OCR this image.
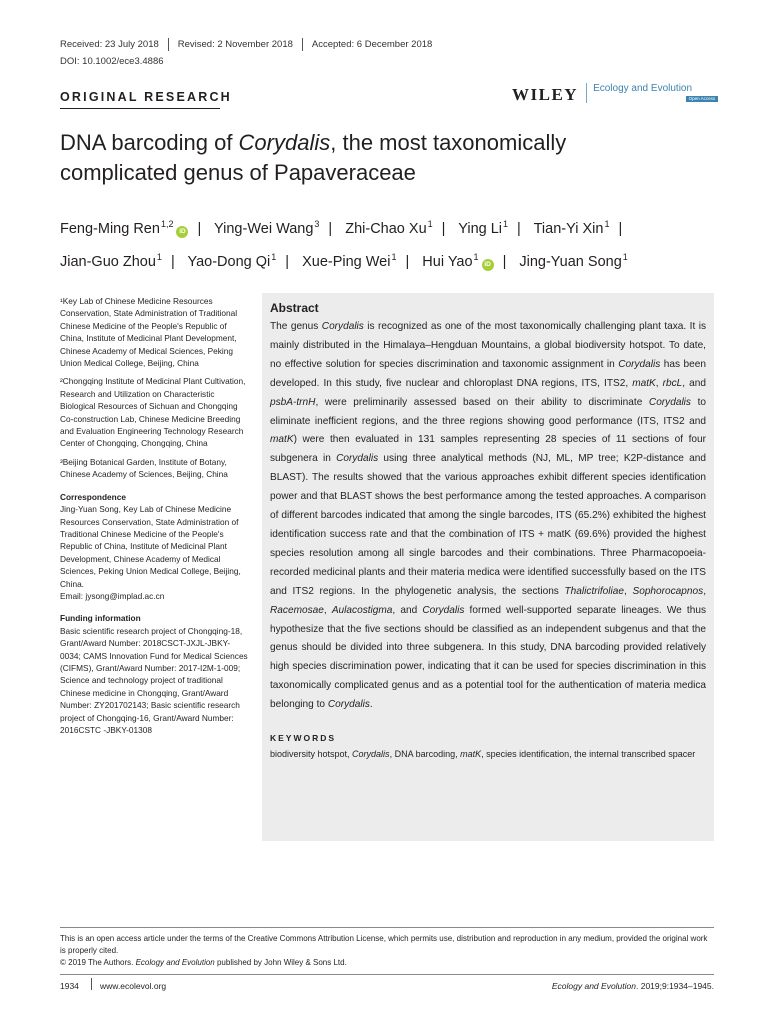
Received: 23 July 2018	Revised: 2 November 2018	Accepted: 6 December 2018
DOI: 10.1002/ece3.4886
ORIGINAL RESEARCH	WILEY Ecology and Evolution
Open Access
DNA barcoding of Corydalis, the most taxonomically complicated genus of Papaveraceae
Feng-Ming Ren$^{1,2}$iD | Ying-Wei Wang$^3$ | Zhi-Chao Xu$^1$ | Ying Li$^1$ | Tian-Yi Xin$^1$ |
Jian-Guo Zhou$^1$ | Yao-Dong Qi$^1$ | Xue-Ping Wei$^1$ | Hui Yao$^1$iD | Jing-Yuan Song$^1$

¹Key Lab of Chinese Medicine Resources Conservation, State Administration of Traditional Chinese Medicine of the People's Republic of China, Institute of Medicinal Plant Development, Chinese Academy of Medical Sciences, Peking Union Medical College, Beijing, China

²Chongqing Institute of Medicinal Plant Cultivation, Research and Utilization on Characteristic Biological Resources of Sichuan and Chongqing Co-construction Lab, Chinese Medicine Breeding and Evaluation Engineering Technology Research Center of Chongqing, Chongqing, China

³Beijing Botanical Garden, Institute of Botany, Chinese Academy of Sciences, Beijing, China

Correspondence
Jing-Yuan Song, Key Lab of Chinese Medicine Resources Conservation, State Administration of Traditional Chinese Medicine of the People's Republic of China, Institute of Medicinal Plant Development, Chinese Academy of Medical Sciences, Peking Union Medical College, Beijing, China.
Email: jysong@implad.ac.cn
Funding information
Basic scientific research project of Chongqing-18, Grant/Award Number: 2018CSCT-JXJL-JBKY-0034; CAMS Innovation Fund for Medical Sciences (CIFMS), Grant/Award Number: 2017-I2M-1-009; Science and technology project of traditional Chinese medicine in Chongqing, Grant/Award Number: ZY201702143; Basic scientific research project of Chongqing-16, Grant/Award Number: 2016CSTC -JBKY-01308
Abstract
The genus Corydalis is recognized as one of the most taxonomically challenging plant taxa. It is mainly distributed in the Himalaya–Hengduan Mountains, a global biodiversity hotspot. To date, no effective solution for species discrimination and taxonomic assignment in Corydalis has been developed. In this study, five nuclear and chloroplast DNA regions, ITS, ITS2, matK, rbcL, and psbA-trnH, were preliminarily assessed based on their ability to discriminate Corydalis to eliminate inefficient regions, and the three regions showing good performance (ITS, ITS2 and matK) were then evaluated in 131 samples representing 28 species of 11 sections of four subgenera in Corydalis using three analytical methods (NJ, ML, MP tree; K2P-distance and BLAST). The results showed that the various approaches exhibit different species identification power and that BLAST shows the best performance among the tested approaches. A comparison of different barcodes indicated that among the single barcodes, ITS (65.2%) exhibited the highest identification success rate and that the combination of ITS + matK (69.6%) provided the highest species resolution among all single barcodes and their combinations. Three Pharmacopoeia-recorded medicinal plants and their materia medica were identified successfully based on the ITS and ITS2 regions. In the phylogenetic analysis, the sections Thalictrifoliae, Sophorocapnos, Racemosae, Aulacostigma, and Corydalis formed well-supported separate lineages. We thus hypothesize that the five sections should be classified as an independent subgenus and that the genus should be divided into three subgenera. In this study, DNA barcoding provided relatively high species discrimination power, indicating that it can be used for species discrimination in this taxonomically complicated genus and as a potential tool for the authentication of materia medica belonging to Corydalis.
KEYWORDS
biodiversity hotspot, Corydalis, DNA barcoding, matK, species identification, the internal transcribed spacer
This is an open access article under the terms of the Creative Commons Attribution License, which permits use, distribution and reproduction in any medium, provided the original work is properly cited.
© 2019 The Authors. Ecology and Evolution published by John Wiley & Sons Ltd.
1934 www.ecolevol.org	Ecology and Evolution. 2019;9:1934–1945.
